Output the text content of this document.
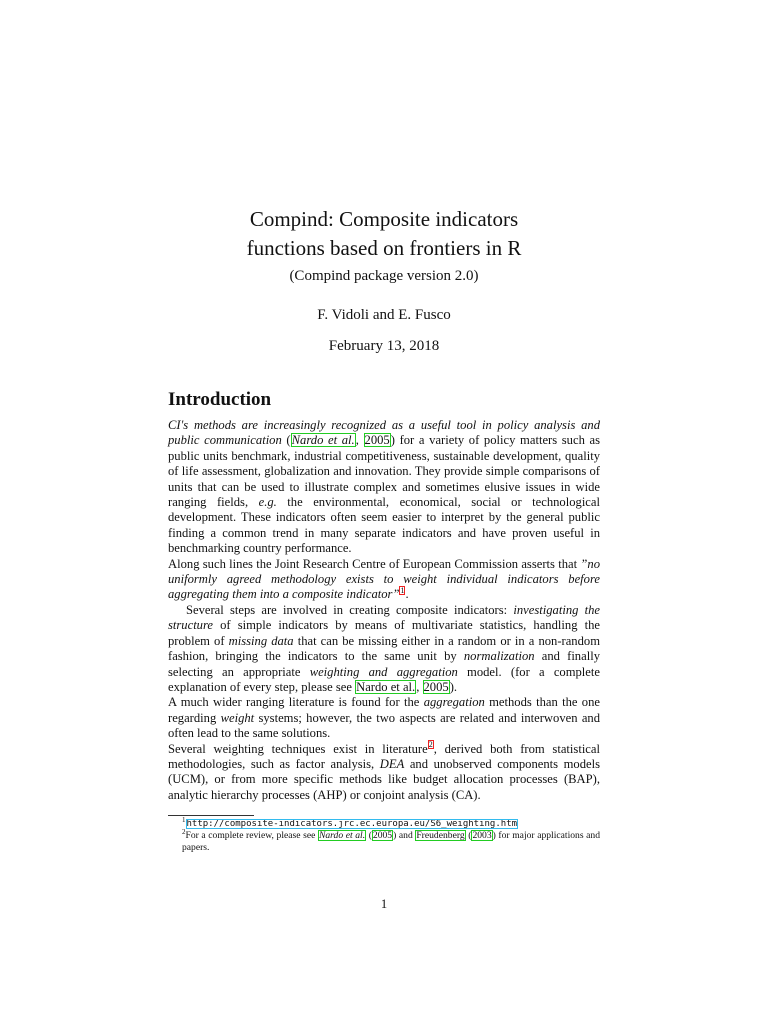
Compind: Composite indicators
functions based on frontiers in R
(Compind package version 2.0)
F. Vidoli and E. Fusco
February 13, 2018
Introduction

CI's methods are increasingly recognized as a useful tool in policy analysis and public communication (Nardo et al., 2005) for a variety of policy matters such as public units benchmark, industrial competitiveness, sustainable development, quality of life assessment, globalization and innovation. They provide simple comparisons of units that can be used to illustrate complex and sometimes elusive issues in wide ranging fields, e.g. the environmental, economical, social or technological development. These indicators often seem easier to interpret by the general public finding a common trend in many separate indicators and have proven useful in benchmarking country performance.

Along such lines the Joint Research Centre of European Commission asserts that ”no uniformly agreed methodology exists to weight individual indicators before aggregating them into a composite indicator”$^1$.

Several steps are involved in creating composite indicators: investigating the structure of simple indicators by means of multivariate statistics, handling the problem of missing data that can be missing either in a random or in a non-random fashion, bringing the indicators to the same unit by normalization and finally selecting an appropriate weighting and aggregation model. (for a complete explanation of every step, please see Nardo et al., 2005).

A much wider ranging literature is found for the aggregation methods than the one regarding weight systems; however, the two aspects are related and interwoven and often lead to the same solutions.

Several weighting techniques exist in literature$^2$, derived both from statistical methodologies, such as factor analysis, DEA and unobserved components models (UCM), or from more specific methods like budget allocation processes (BAP), analytic hierarchy processes (AHP) or conjoint analysis (CA).

$^1$http://composite-indicators.jrc.ec.europa.eu/S6_weighting.htm

$^2$For a complete review, please see Nardo et al. (2005) and Freudenberg (2003) for major applications and papers.

1
